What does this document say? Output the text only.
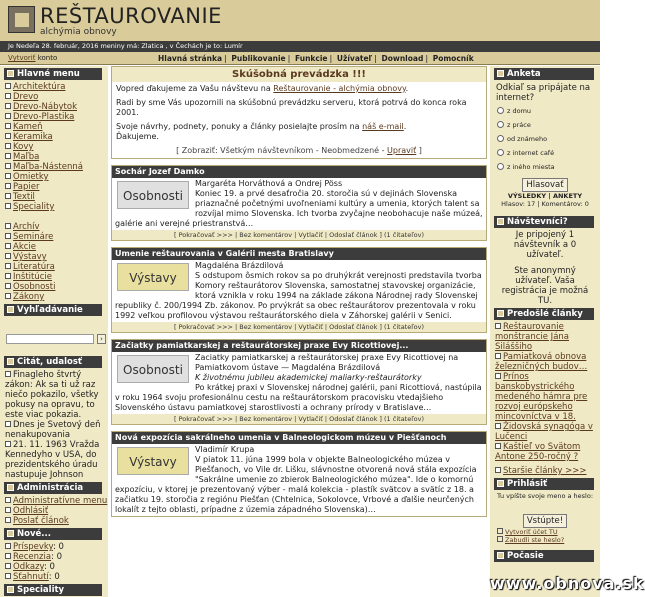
REŠTAUROVANIE
alchýmia obnovy
Je Nedeľa 28. február, 2016 meniny má: Zlatica , v Čechách je to: Lumír
Vytvoriť konto	Hlavná stránka | Publikovanie | Funkcie | Užívateľ | Download | Pomocník
Hlavné menu
Architektúra
Drevo
Drevo-Nábytok
Drevo-Plastika
Kameň
Keramika
Kovy
Maľba
Maľba-Nástenná
Omietky
Papier
Textil
Speciality
Archív
Semináre
Akcie
Výstavy
Literatúra
Inštitúcie
Osobnosti
Zákony
Vyhľadávanie
›
Citát, udalosť
Finagleho štvrtý zákon: Ak sa ti už raz niečo pokazilo, všetky pokusy na opravu, to este viac pokazia.
Dnes je Svetový deň nenakupovania
21. 11. 1963 Vražda Kennedyho v USA, do prezidentského úradu nastupuje Johnson
Administrácia
Administratívne menu
Odhlásiť
Poslať článok
Nové...
Príspevky: 0
Recenzia: 0
Odkazy: 0
Sťahnutí: 0
Speciality
Skúšobná prevádzka !!!

Vopred ďakujeme za Vašu návštevu na Reštaurovanie - alchýmia obnovy.

Radi by sme Vás upozornili na skúšobnú prevádzku serveru, ktorá potrvá do konca roka 2001.

Svoje návrhy, podnety, ponuky a články posielajte prosím na náš e-mail.
Ďakujeme.

[ Zobraziť: Všetkým návštevníkom - Neobmedzené - Upraviť ]

Sochár Jozef Damko
Osobnosti
Margaréta Horváthová a Ondrej Pöss
Koniec 19. a prvé desaťročia 20. storočia sú v dejinách Slovenska priaznačné početnými uvoľneniami kultúry a umenia, ktorých talent sa rozvíjal mimo Slovenska. Ich tvorba zvyčajne neobohacuje naše múzeá, galérie ani verejné priestranstvá…
[ Pokračovať >>> | Bez komentárov | Vytlačiť | Odoslať článok ] (1 čitateľov)
Umenie reštaurovania v Galérii mesta Bratislavy
Výstavy
Magdaléna Brázdilová
S odstupom ôsmich rokov sa po druhýkrát verejnosti predstavila tvorba Komory reštaurátorov Slovenska, samostatnej stavovskej organizácie, ktorá vznikla v roku 1994 na základe zákona Národnej rady Slovenskej republiky č. 200/1994 Zb. zákonov. Po prvýkrát sa obec reštaurátorov prezentovala v roku 1992 veľkou profilovou výstavou reštaurátorského diela v Záhorskej galérii v Senici.
[ Pokračovať >>> | Bez komentárov | Vytlačiť | Odoslať článok ] (1 čitateľov)
Začiatky pamiatkarskej a reštaurátorskej praxe Evy Ricottiovej...
Osobnosti
Zaciatky pamiatkarskej a reštaurátorskej praxe Evy Ricottiovej na Pamiatkovom ústave — Magdaléna Brázdilová
K životnému jubileu akademickej maliarky-reštaurátorky
Po krátkej praxi v Slovenskej národnej galérii, pani Ricottiová, nastúpila v roku 1964 svoju profesionálnu cestu na reštaurátorskom pracovisku vtedajšieho Slovenského ústavu pamiatkovej starostlivosti a ochrany prírody v Bratislave…
[ Pokračovať >>> | Bez komentárov | Vytlačiť | Odoslať článok ] (1 čitateľov)
Nová expozícia sakrálneho umenia v Balneologickom múzeu v Piešťanoch
Výstavy
Vladimír Krupa
V piatok 11. júna 1999 bola v objekte Balneologického múzea v Piešťanoch, vo Vile dr. Lišku, slávnostne otvorená nová stála expozícia "Sakrálne umenie zo zbierok Balneologického múzea". Ide o komornú expozíciu, v ktorej je prezentovaný výber - malá kolekcia - plastík svätcov a svätíc z 18. a začiatku 19. storočia z regiónu Piešťan (Chtelnica, Sokolovce, Vrbové a ďalšie neurčených lokalít z tejto oblasti, prípadne z územia západného Slovenska)…
Anketa
Odkiaľ sa pripájate na internet?
z domu
z práce
od známeho
z internet café
z iného miesta
Hlasovať
VÝSLEDKY | ANKETY
Hlasov: 17 | Komentárov: 0
Návštevníci?
Je pripojený 1 návštevník a 0 užívateľ.
Ste anonymný užívateľ. Vaša registrácia je možná TU.
Predošlé články
Reštaurovanie monštrancie Jána Siláššiho
Pamiatková obnova železničných budov…
Prínos banskobystrického medeného hámra pre rozvoj európskeho mincovníctva v 18.
Židovská synagóga v Lučenci
Kaštieľ vo Svätom Antone 250-ročný ?
Staršie články >>>
Prihlásiť
Tu vpíšte svoje meno a heslo:
Vstúpte!
Vytvoriť účet TU
Zabudli ste heslo?
Počasie
www.obnova.sk
